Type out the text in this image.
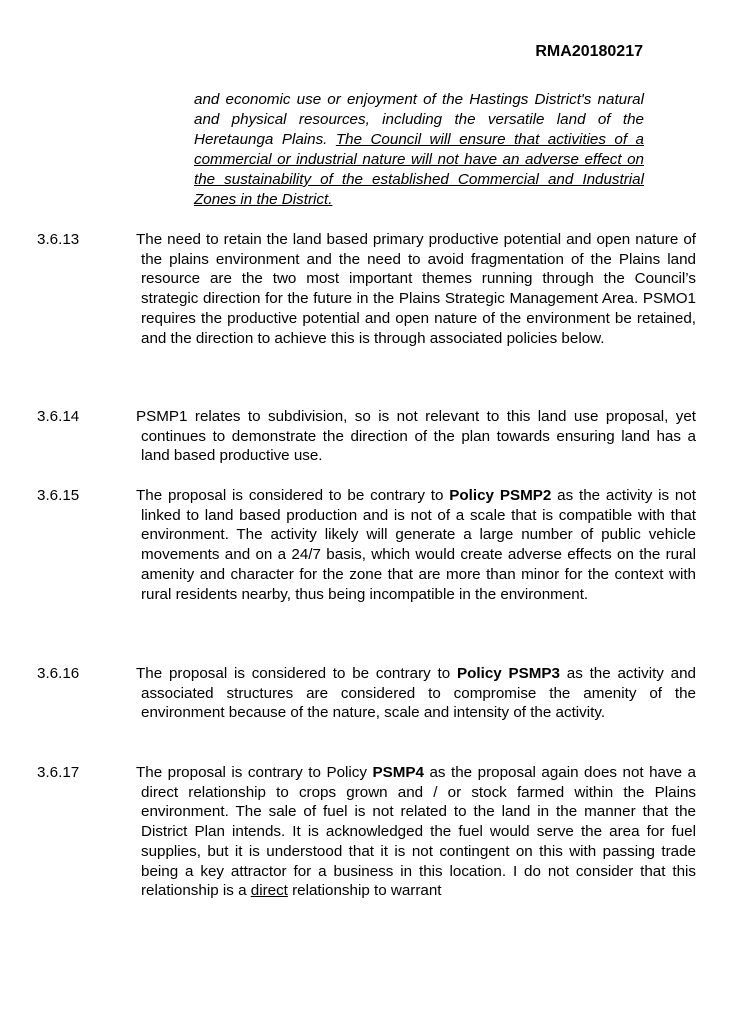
RMA20180217

and economic use or enjoyment of the Hastings District's natural and physical resources, including the versatile land of the Heretaunga Plains. The Council will ensure that activities of a commercial or industrial nature will not have an adverse effect on the sustainability of the established Commercial and Industrial Zones in the District.

3.6.13	The need to retain the land based primary productive potential and open nature of the plains environment and the need to avoid fragmentation of the Plains land resource are the two most important themes running through the Council’s strategic direction for the future in the Plains Strategic Management Area. PSMO1 requires the productive potential and open nature of the environment be retained, and the direction to achieve this is through associated policies below.

3.6.14	PSMP1 relates to subdivision, so is not relevant to this land use proposal, yet continues to demonstrate the direction of the plan towards ensuring land has a land based productive use.

3.6.15	The proposal is considered to be contrary to Policy PSMP2 as the activity is not linked to land based production and is not of a scale that is compatible with that environment. The activity likely will generate a large number of public vehicle movements and on a 24/7 basis, which would create adverse effects on the rural amenity and character for the zone that are more than minor for the context with rural residents nearby, thus being incompatible in the environment.

3.6.16	The proposal is considered to be contrary to Policy PSMP3 as the activity and associated structures are considered to compromise the amenity of the environment because of the nature, scale and intensity of the activity.

3.6.17	The proposal is contrary to Policy PSMP4 as the proposal again does not have a direct relationship to crops grown and / or stock farmed within the Plains environment. The sale of fuel is not related to the land in the manner that the District Plan intends. It is acknowledged the fuel would serve the area for fuel supplies, but it is understood that it is not contingent on this with passing trade being a key attractor for a business in this location. I do not consider that this relationship is a direct relationship to warrant
